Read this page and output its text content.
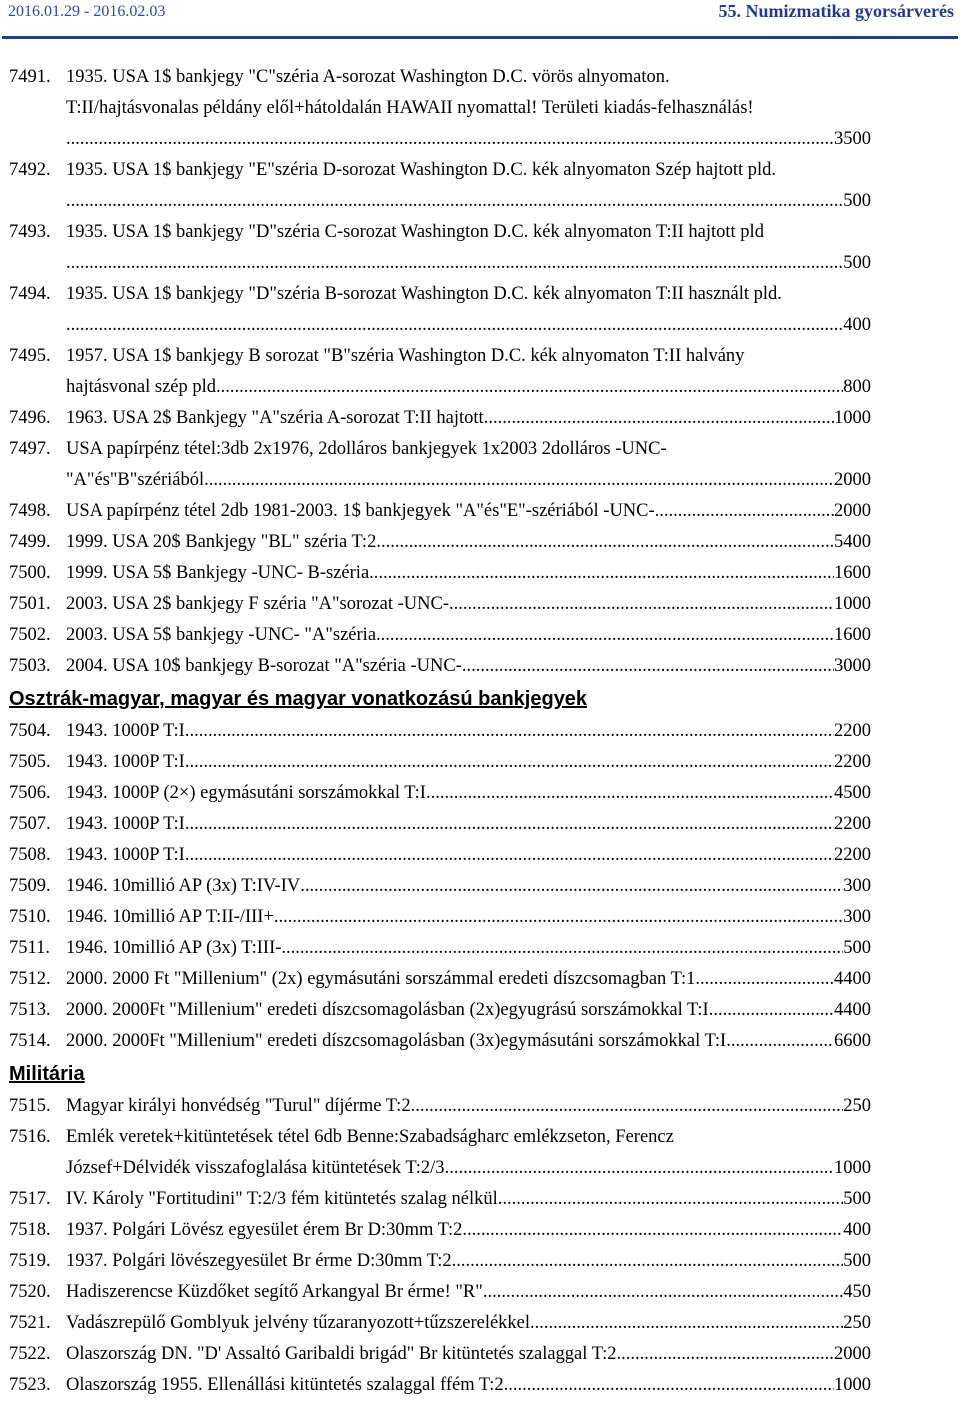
2016.01.29 - 2016.02.03	55. Numizmatika gyorsárverés
7491. 1935. USA 1$ bankjegy "C"széria A-sorozat Washington D.C. vörös alnyomaton.
T:II/hajtásvonalas példány elől+hátoldalán HAWAII nyomattal! Területi kiadás-felhasználás!
.....
3500
7492. 1935. USA 1$ bankjegy "E"széria D-sorozat Washington D.C. kék alnyomaton Szép hajtott pld.
.....
500
7493. 1935. USA 1$ bankjegy "D"széria C-sorozat Washington D.C. kék alnyomaton T:II hajtott pld
.....
500
7494. 1935. USA 1$ bankjegy "D"széria B-sorozat Washington D.C. kék alnyomaton T:II használt pld.
.....
400
7495. 1957. USA 1$ bankjegy B sorozat "B"széria Washington D.C. kék alnyomaton T:II halvány
hajtásvonal szép pld. .....	800
7496. 1963. USA 2$ Bankjegy "A"széria A-sorozat T:II hajtott .....	1000
7497. USA papírpénz tétel:3db 2x1976, 2dolláros bankjegyek 1x2003 2dolláros -UNC-
"A"és"B"szériából .....	2000
7498. USA papírpénz tétel 2db 1981-2003. 1$ bankjegyek "A"és"E"-szériából -UNC- .....	2000
7499. 1999. USA 20$ Bankjegy "BL" széria T:2 .....	5400
7500. 1999. USA 5$ Bankjegy -UNC- B-széria .....	1600
7501. 2003. USA 2$ bankjegy F széria "A"sorozat -UNC- .....	1000
7502. 2003. USA 5$ bankjegy -UNC- "A"széria .....	1600
7503. 2004. USA 10$ bankjegy B-sorozat "A"széria -UNC- .....	3000
Osztrák-magyar, magyar és magyar vonatkozású bankjegyek
7504. 1943. 1000P T:I .....	2200
7505. 1943. 1000P T:I .....	2200
7506. 1943. 1000P (2×) egymásutáni sorszámokkal T:I .....	4500
7507. 1943. 1000P T:I .....	2200
7508. 1943. 1000P T:I .....	2200
7509. 1946. 10millió AP (3x) T:IV-IV .....	300
7510. 1946. 10millió AP T:II-/III+ .....	300
7511. 1946. 10millió AP (3x) T:III- .....	500
7512. 2000. 2000 Ft "Millenium" (2x) egymásutáni sorszámmal eredeti díszcsomagban T:1 .....	4400
7513. 2000. 2000Ft "Millenium" eredeti díszcsomagolásban (2x)egyugrású sorszámokkal T:I .....	4400
7514. 2000. 2000Ft "Millenium" eredeti díszcsomagolásban (3x)egymásutáni sorszámokkal T:I .....	6600
Militária
7515. Magyar királyi honvédség "Turul" díjérme T:2 .....	250
7516. Emlék veretek+kitüntetések tétel 6db Benne:Szabadságharc emlékzseton, Ferencz
József+Délvidék visszafoglalása kitüntetések T:2/3 .....	1000
7517. IV. Károly "Fortitudini" T:2/3 fém kitüntetés szalag nélkül .....	500
7518. 1937. Polgári Lövész egyesület érem Br D:30mm T:2 .....	400
7519. 1937. Polgári lövészegyesület Br érme D:30mm T:2 .....	500
7520. Hadiszerencse Küzdőket segítő Arkangyal Br érme! "R" .....	450
7521. Vadászrepülő Gomblyuk jelvény tűzaranyozott+tűzszerelékkel .....	250
7522. Olaszország DN. "D' Assaltó Garibaldi brigád" Br kitüntetés szalaggal T:2 .....	2000
7523. Olaszország 1955. Ellenállási kitüntetés szalaggal ffém T:2 .....	1000
